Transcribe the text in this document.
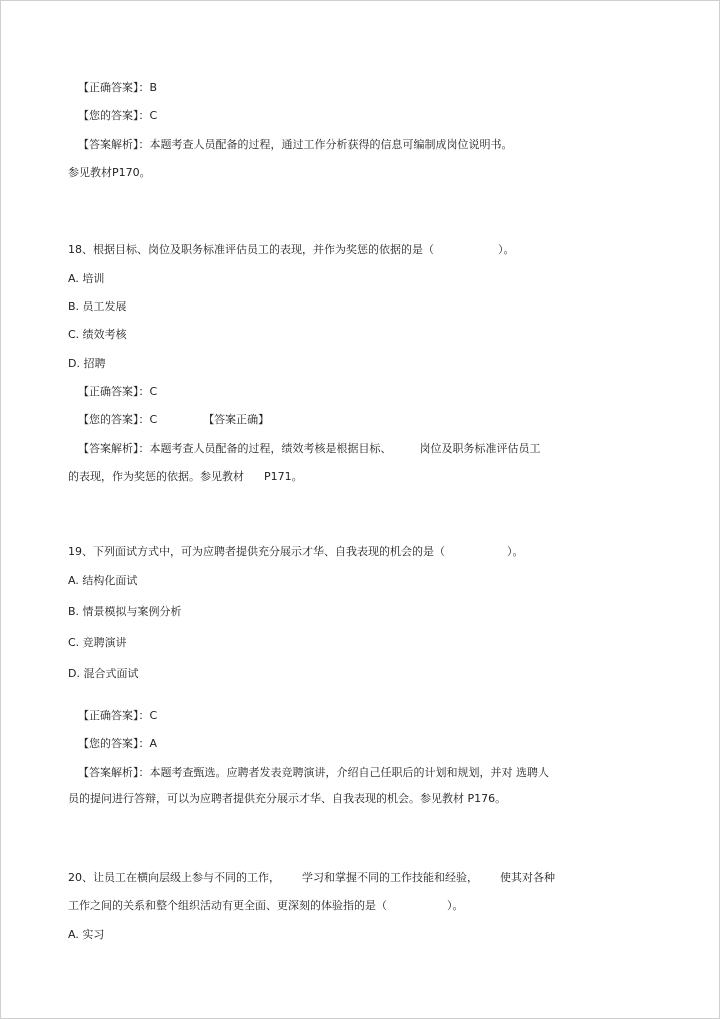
【正确答案】：B

【您的答案】：C

【答案解析】：本题考查人员配备的过程，通过工作分析获得的信息可编制成岗位说明书。

参见教材P170。

18、根据目标、岗位及职务标准评估员工的表现，并作为奖惩的依据的是（	）。

A. 培训

B. 员工发展

C. 绩效考核

D. 招聘

【正确答案】：C

【您的答案】：C	【答案正确】

【答案解析】：本题考查人员配备的过程，绩效考核是根据目标、	岗位及职务标准评估员工

的表现，作为奖惩的依据。参见教材 P171。

19、下列面试方式中，可为应聘者提供充分展示才华、自我表现的机会的是（	）。

A. 结构化面试

B. 情景模拟与案例分析

C. 竞聘演讲

D. 混合式面试

【正确答案】：C

【您的答案】：A

【答案解析】：本题考查甄选。应聘者发表竞聘演讲，介绍自己任职后的计划和规划，并对 选聘人

员的提问进行答辩，可以为应聘者提供充分展示才华、自我表现的机会。参见教材 P176。

20、让员工在横向层级上参与不同的工作， 学习和掌握不同的工作技能和经验， 使其对各种

工作之间的关系和整个组织活动有更全面、更深刻的体验指的是（	）。

A. 实习
